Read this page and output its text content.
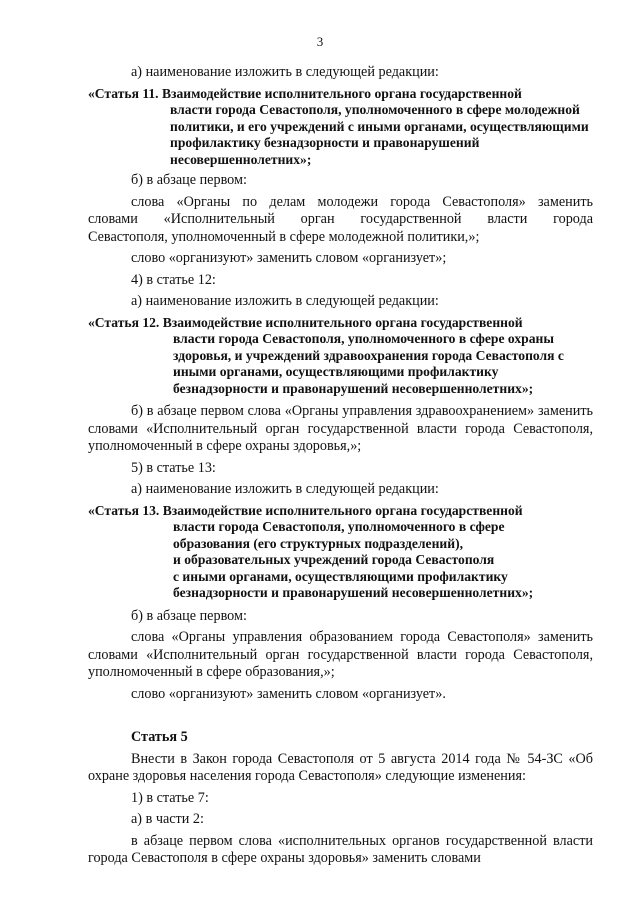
3

а) наименование изложить в следующей редакции:

«Статья 11. Взаимодействие исполнительного органа государственной
власти города Севастополя, уполномоченного в сфере молодежной политики, и его учреждений с иными органами, осуществляющими профилактику безнадзорности и правонарушений несовершеннолетних»;

б) в абзаце первом:

слова «Органы по делам молодежи города Севастополя» заменить

словами «Исполнительный орган государственной власти города

Севастополя, уполномоченный в сфере молодежной политики,»;

слово «организуют» заменить словом «организует»;

4) в статье 12:

а) наименование изложить в следующей редакции:

«Статья 12. Взаимодействие исполнительного органа государственной
власти города Севастополя, уполномоченного в сфере охраны здоровья, и учреждений здравоохранения города Севастополя с иными органами, осуществляющими профилактику безнадзорности и правонарушений несовершеннолетних»;

б) в абзаце первом слова «Органы управления здравоохранением» заменить словами «Исполнительный орган государственной власти города Севастополя, уполномоченный в сфере охраны здоровья,»;

5) в статье 13:

а) наименование изложить в следующей редакции:

«Статья 13. Взаимодействие исполнительного органа государственной
власти города Севастополя, уполномоченного в сфере
образования (его структурных подразделений),
и образовательных учреждений города Севастополя
с иными органами, осуществляющими профилактику
безнадзорности и правонарушений несовершеннолетних»;

б) в абзаце первом:

слова «Органы управления образованием города Севастополя» заменить словами «Исполнительный орган государственной власти города Севастополя, уполномоченный в сфере образования,»;

слово «организуют» заменить словом «организует».

Статья 5

Внести в Закон города Севастополя от 5 августа 2014 года № 54-ЗС «Об охране здоровья населения города Севастополя» следующие изменения:

1) в статье 7:

а) в части 2:

в абзаце первом слова «исполнительных органов государственной власти города Севастополя в сфере охраны здоровья» заменить словами
